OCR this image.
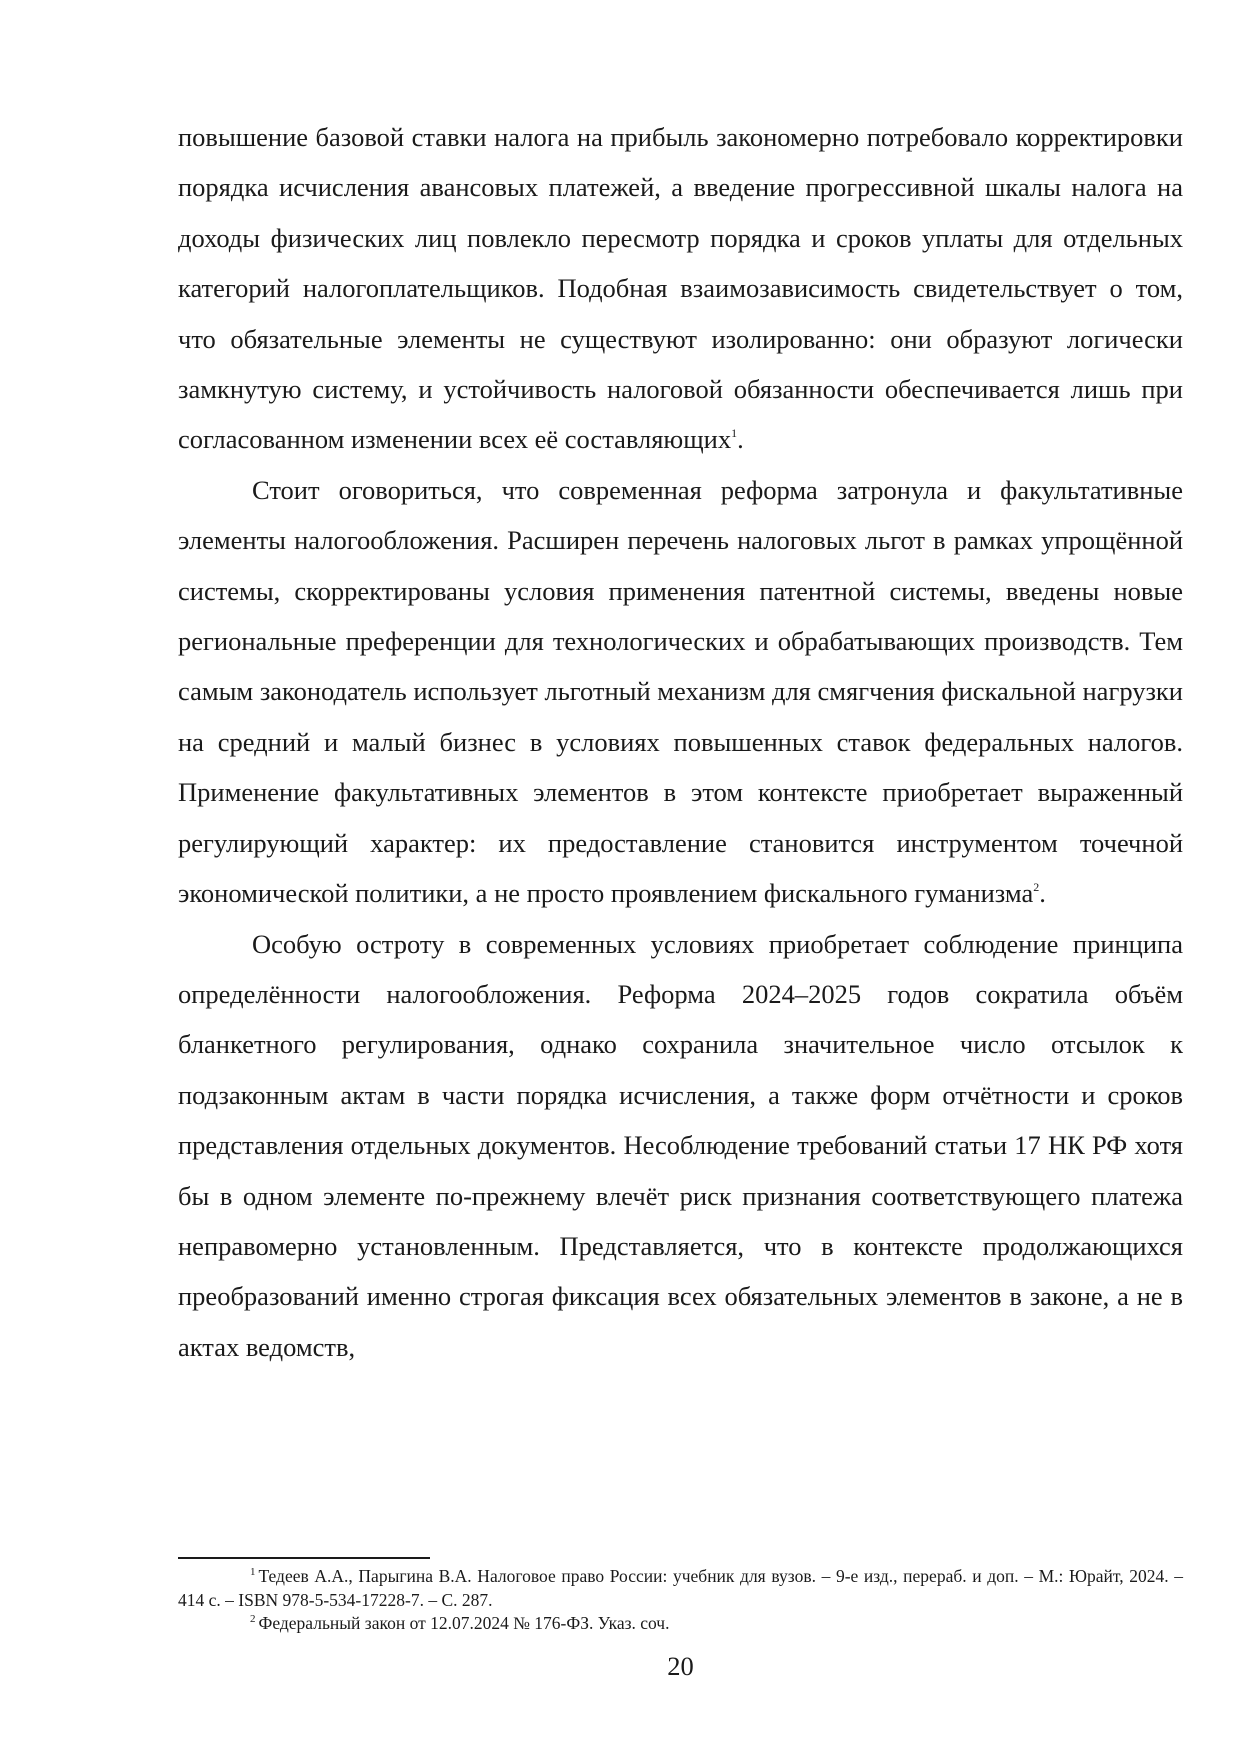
повышение базовой ставки налога на прибыль закономерно потребовало корректировки порядка исчисления авансовых платежей, а введение прогрессивной шкалы налога на доходы физических лиц повлекло пересмотр порядка и сроков уплаты для отдельных категорий налогоплательщиков. Подобная взаимозависимость свидетельствует о том, что обязательные элементы не существуют изолированно: они образуют логически замкнутую систему, и устойчивость налоговой обязанности обеспечивается лишь при согласованном изменении всех её составляющих$^1$.

Стоит оговориться, что современная реформа затронула и факультативные элементы налогообложения. Расширен перечень налоговых льгот в рамках упрощённой системы, скорректированы условия применения патентной системы, введены новые региональные преференции для технологических и обрабатывающих производств. Тем самым законодатель использует льготный механизм для смягчения фискальной нагрузки на средний и малый бизнес в условиях повышенных ставок федеральных налогов. Применение факультативных элементов в этом контексте приобретает выраженный регулирующий характер: их предоставление становится инструментом точечной экономической политики, а не просто проявлением фискального гуманизма$^2$.

Особую остроту в современных условиях приобретает соблюдение принципа определённости налогообложения. Реформа 2024–2025 годов сократила объём бланкетного регулирования, однако сохранила значительное число отсылок к подзаконным актам в части порядка исчисления, а также форм отчётности и сроков представления отдельных документов. Несоблюдение требований статьи 17 НК РФ хотя бы в одном элементе по-прежнему влечёт риск признания соответствующего платежа неправомерно установленным. Представляется, что в контексте продолжающихся преобразований именно строгая фиксация всех обязательных элементов в законе, а не в актах ведомств,

$^1$ Тедеев А.А., Парыгина В.А. Налоговое право России: учебник для вузов. – 9-е изд., перераб. и доп. – М.: Юрайт, 2024. – 414 с. – ISBN 978-5-534-17228-7. – С. 287.

$^2$ Федеральный закон от 12.07.2024 № 176-ФЗ. Указ. соч.

20
